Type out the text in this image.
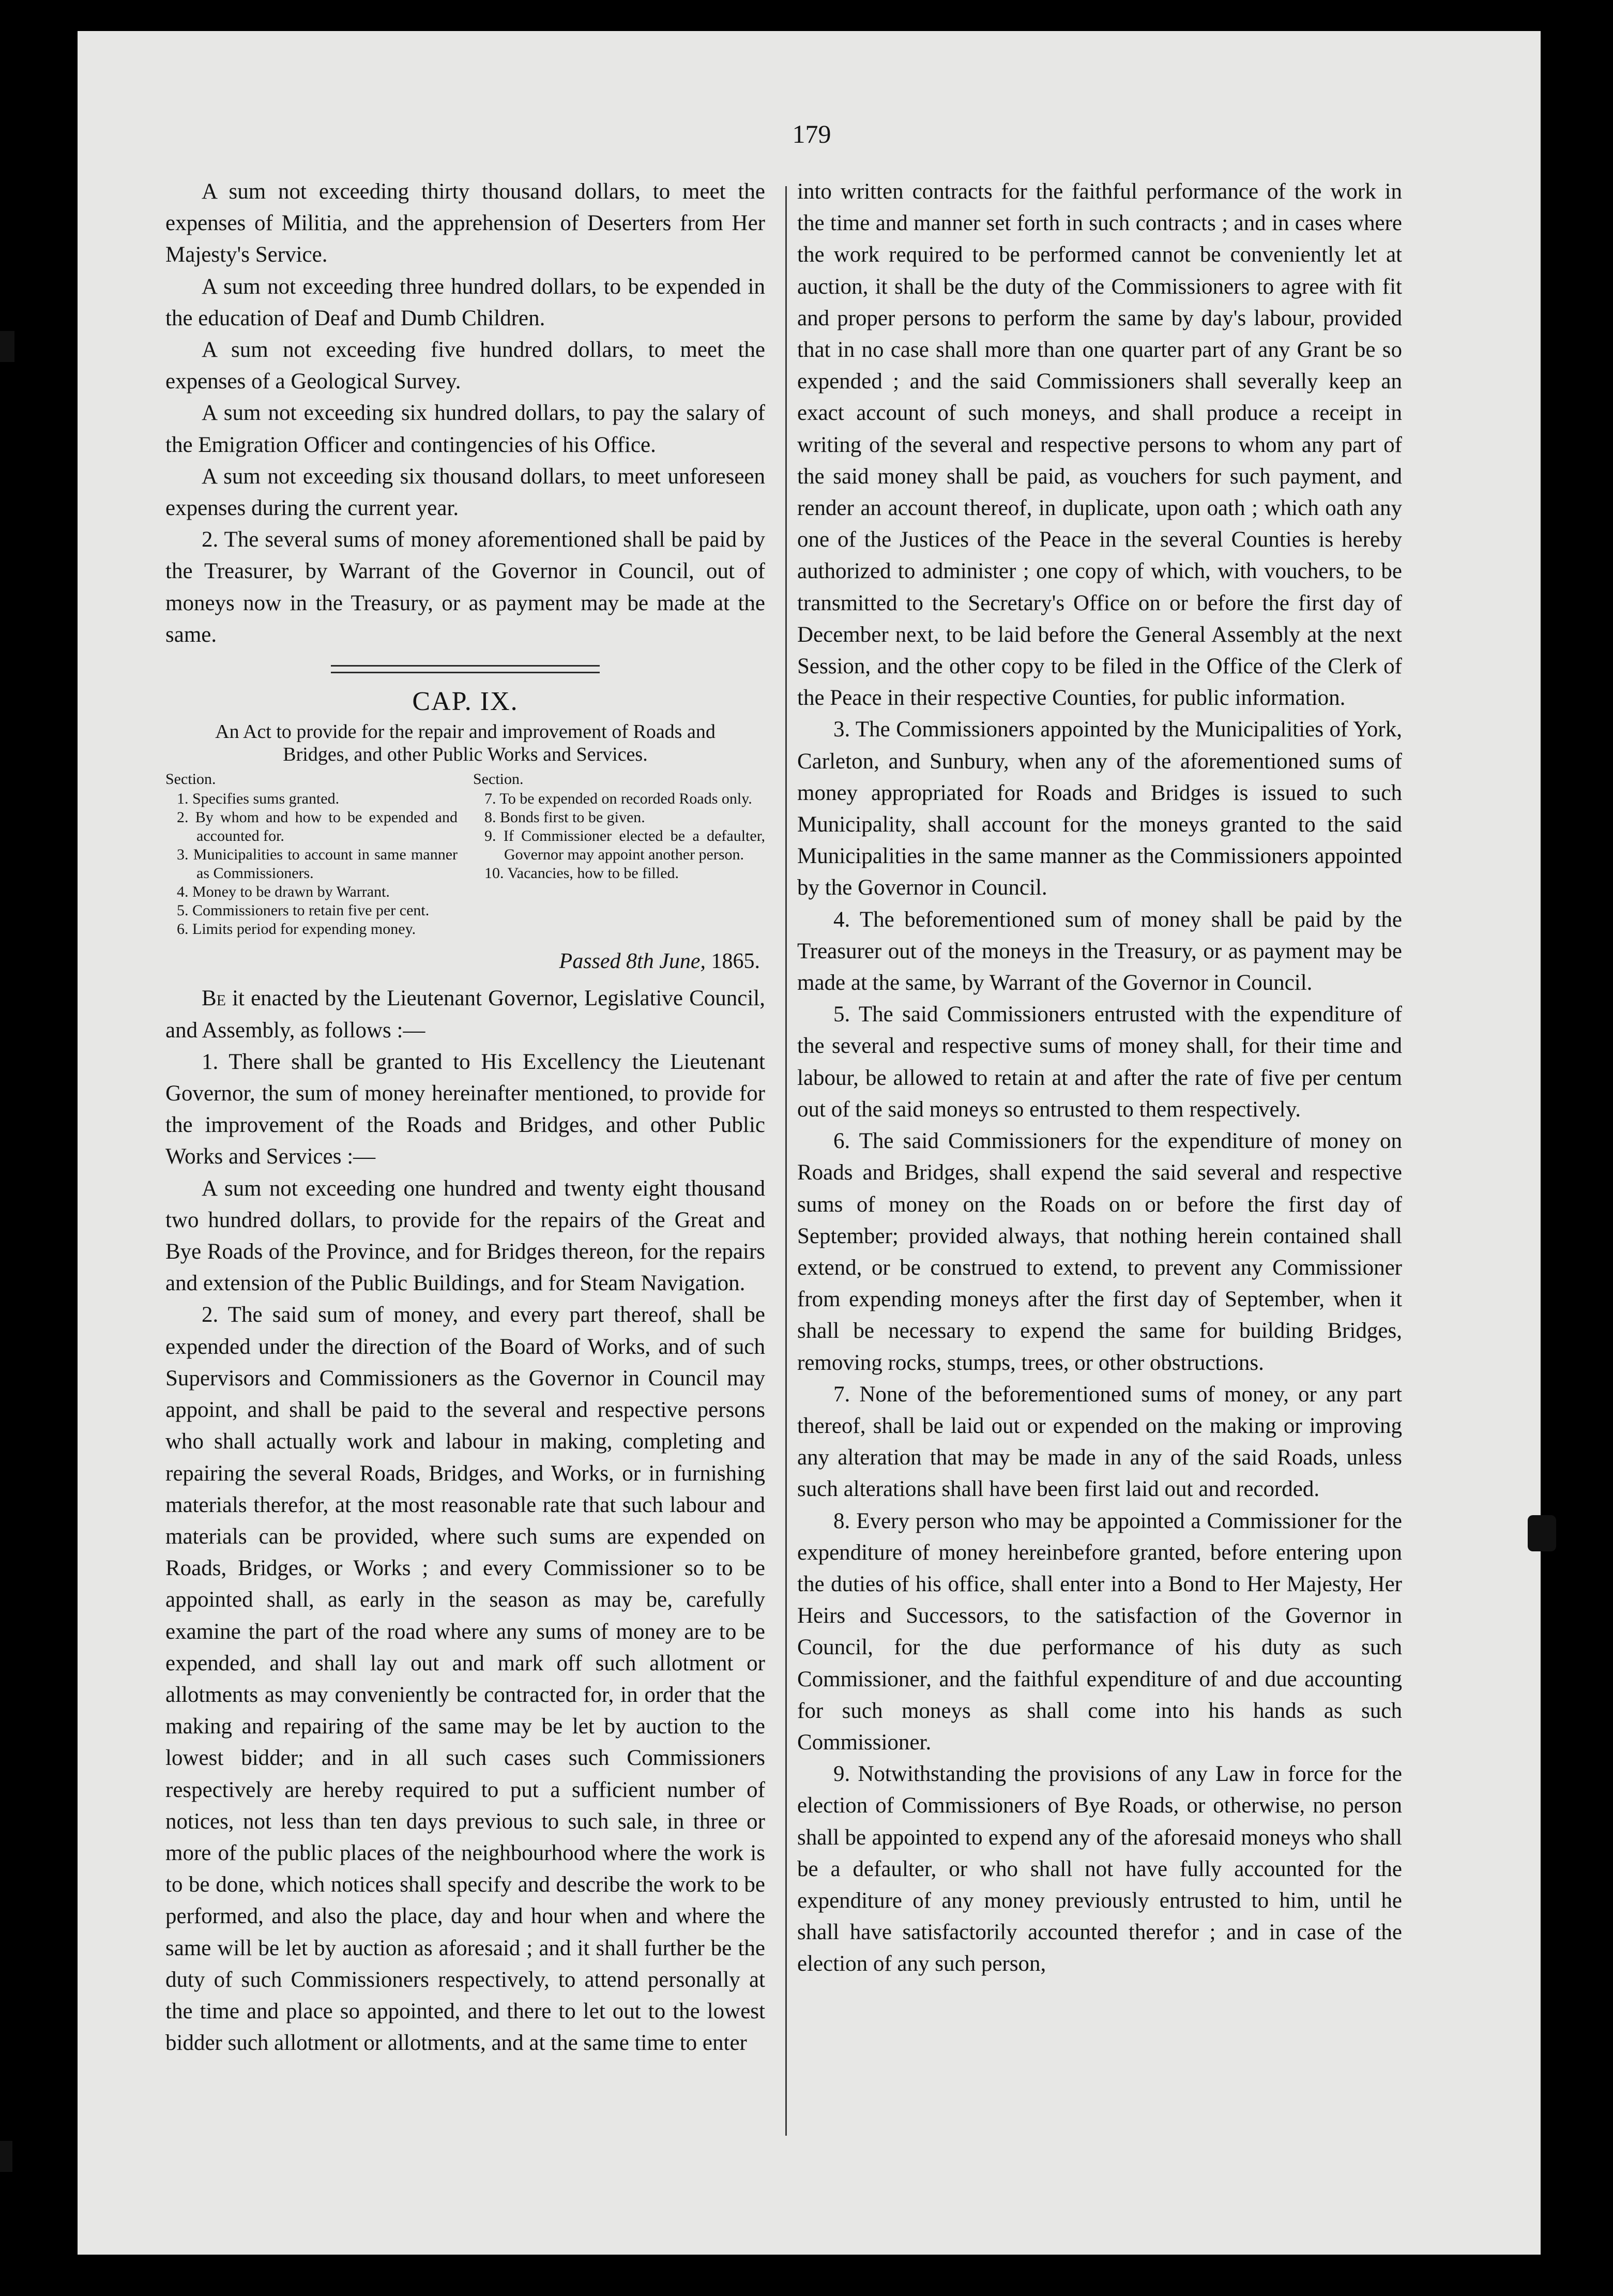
179

A sum not exceeding thirty thousand dollars, to meet the expenses of Militia, and the apprehension of Deserters from Her Majesty's Service.

A sum not exceeding three hundred dollars, to be expended in the education of Deaf and Dumb Children.

A sum not exceeding five hundred dollars, to meet the expenses of a Geological Survey.

A sum not exceeding six hundred dollars, to pay the salary of the Emigration Officer and contingencies of his Office.

A sum not exceeding six thousand dollars, to meet unforeseen expenses during the current year.

2. The several sums of money aforementioned shall be paid by the Treasurer, by Warrant of the Governor in Council, out of moneys now in the Treasury, or as payment may be made at the same.

CAP. IX.
An Act to provide for the repair and improvement of Roads and Bridges, and other Public Works and Services.
Section.
1. Specifies sums granted.
2. By whom and how to be expended and accounted for.
3. Municipalities to account in same manner as Commissioners.
4. Money to be drawn by Warrant.
5. Commissioners to retain five per cent.
6. Limits period for expending money.
Section.
7. To be expended on recorded Roads only.
8. Bonds first to be given.
9. If Commissioner elected be a defaulter, Governor may appoint another person.
10. Vacancies, how to be filled.
Passed 8th June, 1865.

Be it enacted by the Lieutenant Governor, Legislative Council, and Assembly, as follows :—

1. There shall be granted to His Excellency the Lieutenant Governor, the sum of money hereinafter mentioned, to provide for the improvement of the Roads and Bridges, and other Public Works and Services :—

A sum not exceeding one hundred and twenty eight thousand two hundred dollars, to provide for the repairs of the Great and Bye Roads of the Province, and for Bridges thereon, for the repairs and extension of the Public Buildings, and for Steam Navigation.

2. The said sum of money, and every part thereof, shall be expended under the direction of the Board of Works, and of such Supervisors and Commissioners as the Governor in Council may appoint, and shall be paid to the several and respective persons who shall actually work and labour in making, completing and repairing the several Roads, Bridges, and Works, or in furnishing materials therefor, at the most reasonable rate that such labour and materials can be provided, where such sums are expended on Roads, Bridges, or Works ; and every Commissioner so to be appointed shall, as early in the season as may be, carefully examine the part of the road where any sums of money are to be expended, and shall lay out and mark off such allotment or allotments as may conveniently be contracted for, in order that the making and repairing of the same may be let by auction to the lowest bidder; and in all such cases such Commissioners respectively are hereby required to put a sufficient number of notices, not less than ten days previous to such sale, in three or more of the public places of the neighbourhood where the work is to be done, which notices shall specify and describe the work to be performed, and also the place, day and hour when and where the same will be let by auction as aforesaid ; and it shall further be the duty of such Commissioners respectively, to attend personally at the time and place so appointed, and there to let out to the lowest bidder such allotment or allotments, and at the same time to enter

into written contracts for the faithful performance of the work in the time and manner set forth in such contracts ; and in cases where the work required to be performed cannot be conveniently let at auction, it shall be the duty of the Commissioners to agree with fit and proper persons to perform the same by day's labour, provided that in no case shall more than one quarter part of any Grant be so expended ; and the said Commissioners shall severally keep an exact account of such moneys, and shall produce a receipt in writing of the several and respective persons to whom any part of the said money shall be paid, as vouchers for such payment, and render an account thereof, in duplicate, upon oath ; which oath any one of the Justices of the Peace in the several Counties is hereby authorized to administer ; one copy of which, with vouchers, to be transmitted to the Secretary's Office on or before the first day of December next, to be laid before the General Assembly at the next Session, and the other copy to be filed in the Office of the Clerk of the Peace in their respective Counties, for public information.

3. The Commissioners appointed by the Municipalities of York, Carleton, and Sunbury, when any of the aforementioned sums of money appropriated for Roads and Bridges is issued to such Municipality, shall account for the moneys granted to the said Municipalities in the same manner as the Commissioners appointed by the Governor in Council.

4. The beforementioned sum of money shall be paid by the Treasurer out of the moneys in the Treasury, or as payment may be made at the same, by Warrant of the Governor in Council.

5. The said Commissioners entrusted with the expenditure of the several and respective sums of money shall, for their time and labour, be allowed to retain at and after the rate of five per centum out of the said moneys so entrusted to them respectively.

6. The said Commissioners for the expenditure of money on Roads and Bridges, shall expend the said several and respective sums of money on the Roads on or before the first day of September; provided always, that nothing herein contained shall extend, or be construed to extend, to prevent any Commissioner from expending moneys after the first day of September, when it shall be necessary to expend the same for building Bridges, removing rocks, stumps, trees, or other obstructions.

7. None of the beforementioned sums of money, or any part thereof, shall be laid out or expended on the making or improving any alteration that may be made in any of the said Roads, unless such alterations shall have been first laid out and recorded.

8. Every person who may be appointed a Commissioner for the expenditure of money hereinbefore granted, before entering upon the duties of his office, shall enter into a Bond to Her Majesty, Her Heirs and Successors, to the satisfaction of the Governor in Council, for the due performance of his duty as such Commissioner, and the faithful expenditure of and due accounting for such moneys as shall come into his hands as such Commissioner.

9. Notwithstanding the provisions of any Law in force for the election of Commissioners of Bye Roads, or otherwise, no person shall be appointed to expend any of the aforesaid moneys who shall be a defaulter, or who shall not have fully accounted for the expenditure of any money previously entrusted to him, until he shall have satisfactorily accounted therefor ; and in case of the election of any such person,
